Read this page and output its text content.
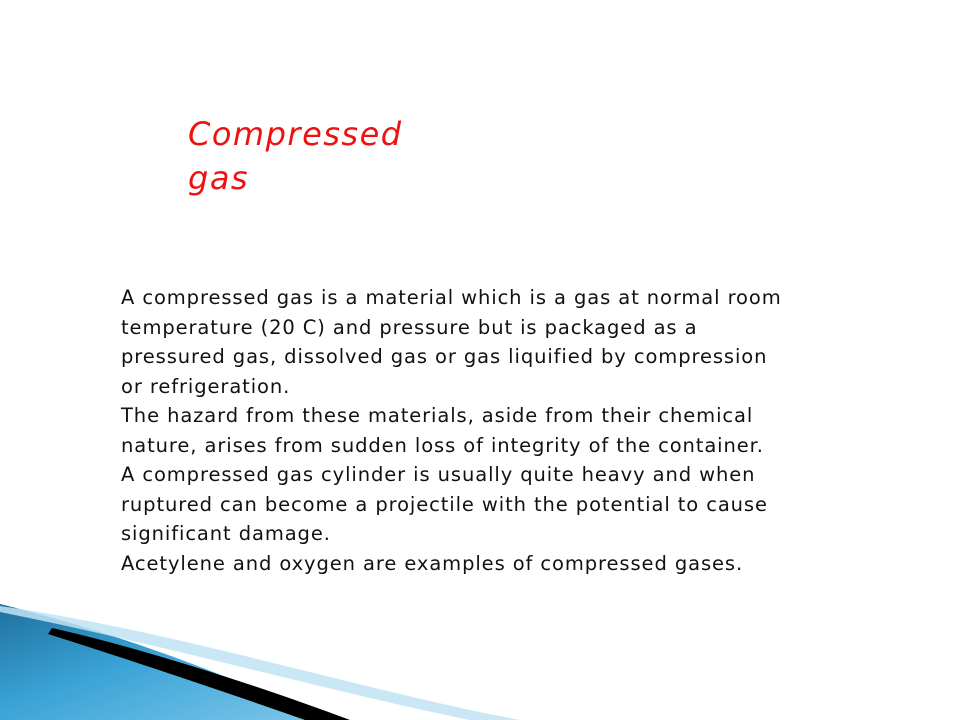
Compressed
gas

A compressed gas is a material which is a gas at normal room
temperature (20 C) and pressure but is packaged as a
pressured gas, dissolved gas or gas liquified by compression
or refrigeration.

The hazard from these materials, aside from their chemical
nature, arises from sudden loss of integrity of the container.

A compressed gas cylinder is usually quite heavy and when
ruptured can become a projectile with the potential to cause
significant damage.

Acetylene and oxygen are examples of compressed gases.
